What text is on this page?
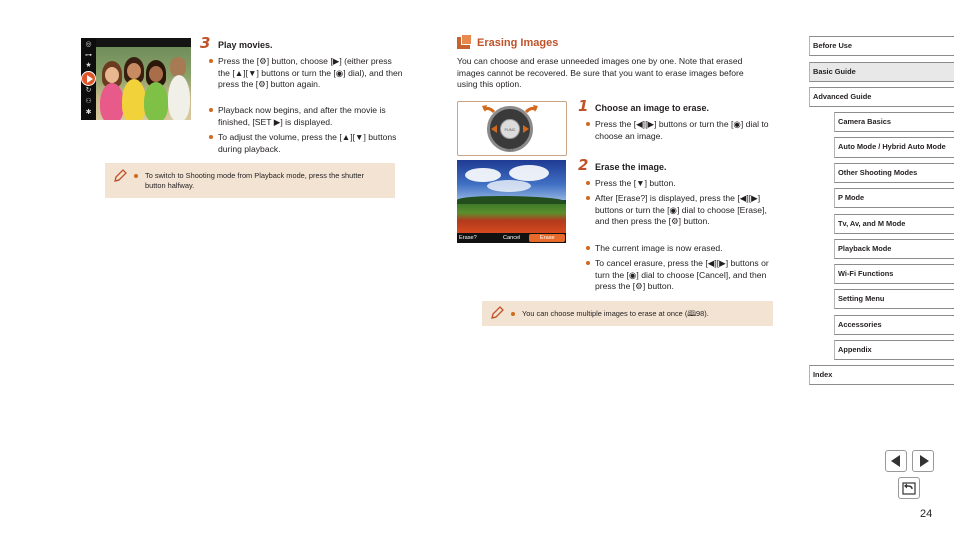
◎
⊶
★
↻
⚇
✱
3 Play movies.
Press the [⚙] button, choose [▶] (either press the [▲][▼] buttons or turn the [◉] dial), and then press the [⚙] button again.
Playback now begins, and after the movie is finished, [SET ▶] is displayed.
To adjust the volume, press the [▲][▼] buttons during playback.
To switch to Shooting mode from Playback mode, press the shutter button halfway.
Erasing Images
You can choose and erase unneeded images one by one. Note that erased images cannot be recovered. Be sure that you want to erase images before using this option.
FUNC SET
1 Choose an image to erase.
Press the [◀][▶] buttons or turn the [◉] dial to choose an image.
Erase?	Cancel	Erase
2 Erase the image.
Press the [▼] button.
After [Erase?] is displayed, press the [◀][▶] buttons or turn the [◉] dial to choose [Erase], and then press the [⚙] button.
The current image is now erased.
To cancel erasure, press the [◀][▶] buttons or turn the [◉] dial to choose [Cancel], and then press the [⚙] button.
You can choose multiple images to erase at once (🕮98).
Before Use
Basic Guide
Advanced Guide
Camera Basics
Auto Mode / Hybrid Auto Mode
Other Shooting Modes
P Mode
Tv, Av, and M Mode
Playback Mode
Wi-Fi Functions
Setting Menu
Accessories
Appendix
Index
24
